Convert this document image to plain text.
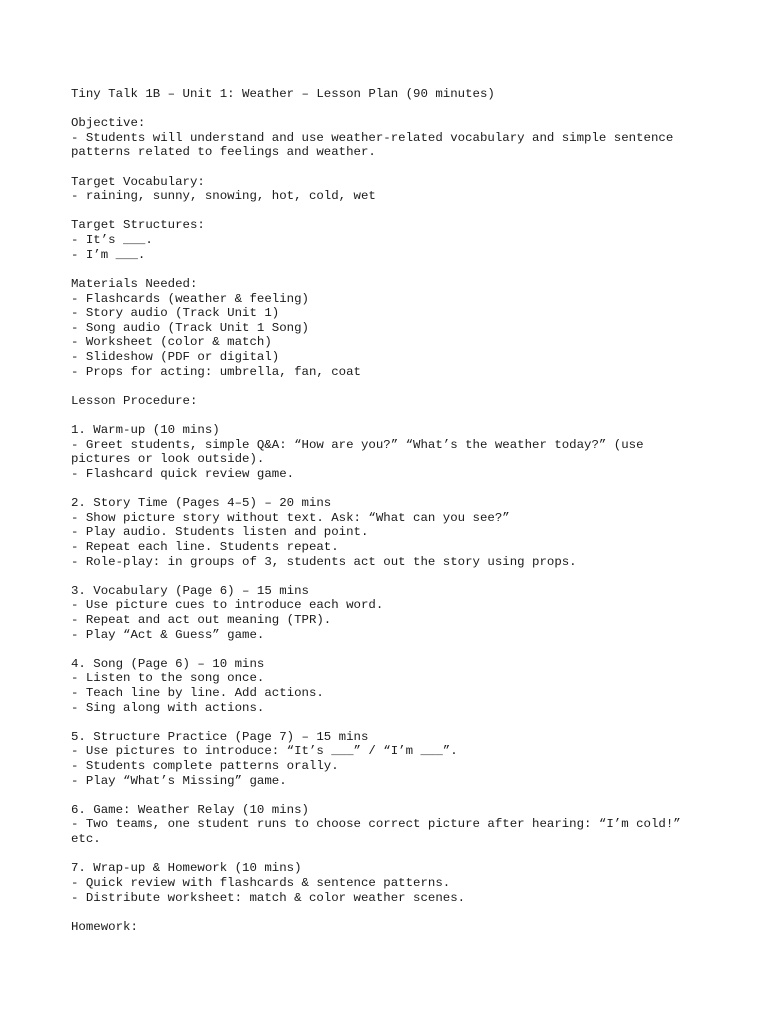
Tiny Talk 1B – Unit 1: Weather – Lesson Plan (90 minutes)
Objective:
- Students will understand and use weather-related vocabulary and simple sentence
patterns related to feelings and weather.
Target Vocabulary:
- raining, sunny, snowing, hot, cold, wet
Target Structures:
- It’s ___.
- I’m ___.
Materials Needed:
- Flashcards (weather & feeling)
- Story audio (Track Unit 1)
- Song audio (Track Unit 1 Song)
- Worksheet (color & match)
- Slideshow (PDF or digital)
- Props for acting: umbrella, fan, coat
Lesson Procedure:
1. Warm-up (10 mins)
- Greet students, simple Q&A: “How are you?” “What’s the weather today?” (use
pictures or look outside).
- Flashcard quick review game.
2. Story Time (Pages 4–5) – 20 mins
- Show picture story without text. Ask: “What can you see?”
- Play audio. Students listen and point.
- Repeat each line. Students repeat.
- Role-play: in groups of 3, students act out the story using props.
3. Vocabulary (Page 6) – 15 mins
- Use picture cues to introduce each word.
- Repeat and act out meaning (TPR).
- Play “Act & Guess” game.
4. Song (Page 6) – 10 mins
- Listen to the song once.
- Teach line by line. Add actions.
- Sing along with actions.
5. Structure Practice (Page 7) – 15 mins
- Use pictures to introduce: “It’s ___” / “I’m ___”.
- Students complete patterns orally.
- Play “What’s Missing” game.
6. Game: Weather Relay (10 mins)
- Two teams, one student runs to choose correct picture after hearing: “I’m cold!”
etc.
7. Wrap-up & Homework (10 mins)
- Quick review with flashcards & sentence patterns.
- Distribute worksheet: match & color weather scenes.
Homework:
